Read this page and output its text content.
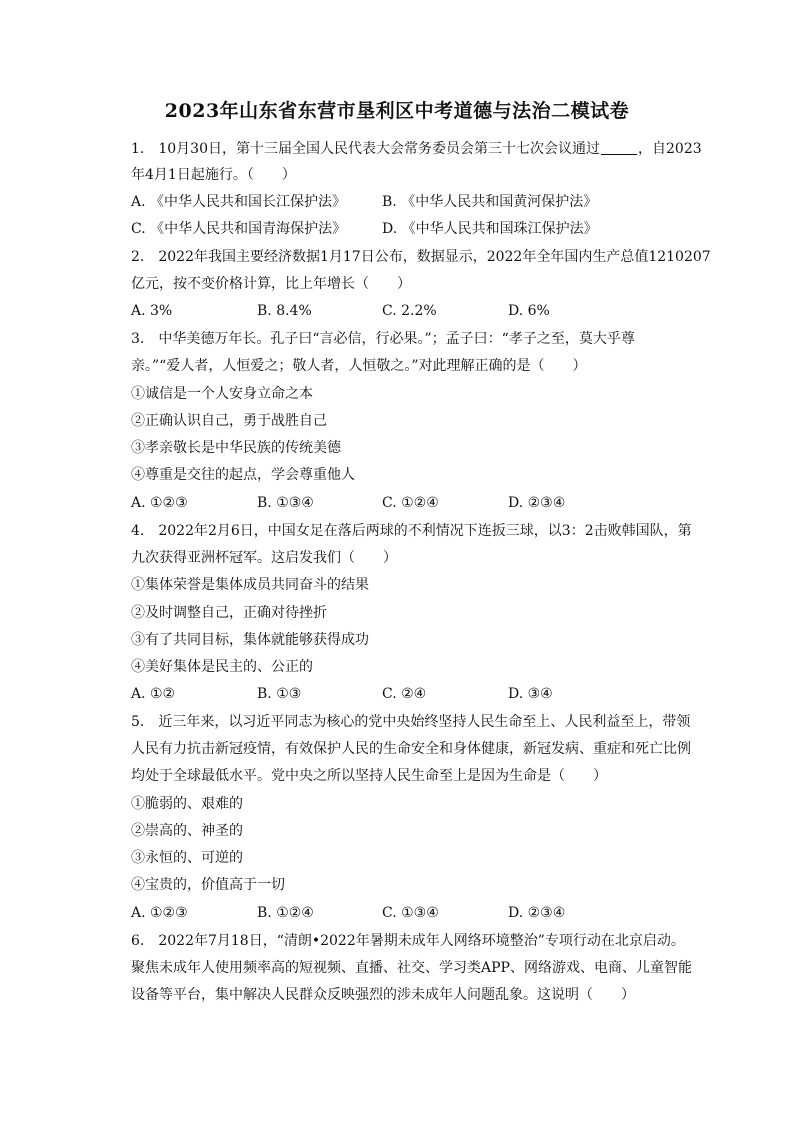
2023年山东省东营市垦利区中考道德与法治二模试卷
1.　10月30日，第十三届全国人民代表大会常务委员会第三十七次会议通过	，自2023
年4月1日起施行。（　　）
A. 《中华人民共和国长江保护法》	B. 《中华人民共和国黄河保护法》
C. 《中华人民共和国青海保护法》	D. 《中华人民共和国珠江保护法》
2.　2022年我国主要经济数据1月17日公布，数据显示，2022年全年国内生产总值1210207
亿元，按不变价格计算，比上年增长（　　）
A. 3%	B. 8.4%	C. 2.2%	D. 6%
3.　中华美德万年长。孔子曰“言必信，行必果。”；孟子曰：“孝子之至，莫大乎尊
亲。”“爱人者，人恒爱之；敬人者，人恒敬之。”对此理解正确的是（　　）
①诚信是一个人安身立命之本
②正确认识自己，勇于战胜自己
③孝亲敬长是中华民族的传统美德
④尊重是交往的起点，学会尊重他人
A. ①②③	B. ①③④	C. ①②④	D. ②③④
4.　2022年2月6日，中国女足在落后两球的不利情况下连扳三球，以3：2击败韩国队，第
九次获得亚洲杯冠军。这启发我们（　　）
①集体荣誉是集体成员共同奋斗的结果
②及时调整自己，正确对待挫折
③有了共同目标，集体就能够获得成功
④美好集体是民主的、公正的
A. ①②	B. ①③	C. ②④	D. ③④
5.　近三年来，以习近平同志为核心的党中央始终坚持人民生命至上、人民利益至上，带领
人民有力抗击新冠疫情，有效保护人民的生命安全和身体健康，新冠发病、重症和死亡比例
均处于全球最低水平。党中央之所以坚持人民生命至上是因为生命是（　　）
①脆弱的、艰难的
②崇高的、神圣的
③永恒的、可逆的
④宝贵的，价值高于一切
A. ①②③	B. ①②④	C. ①③④	D. ②③④
6.　2022年7月18日，“清朗•2022年暑期未成年人网络环境整治”专项行动在北京启动。
聚焦未成年人使用频率高的短视频、直播、社交、学习类APP、网络游戏、电商、儿童智能
设备等平台，集中解决人民群众反映强烈的涉未成年人问题乱象。这说明（　　）
